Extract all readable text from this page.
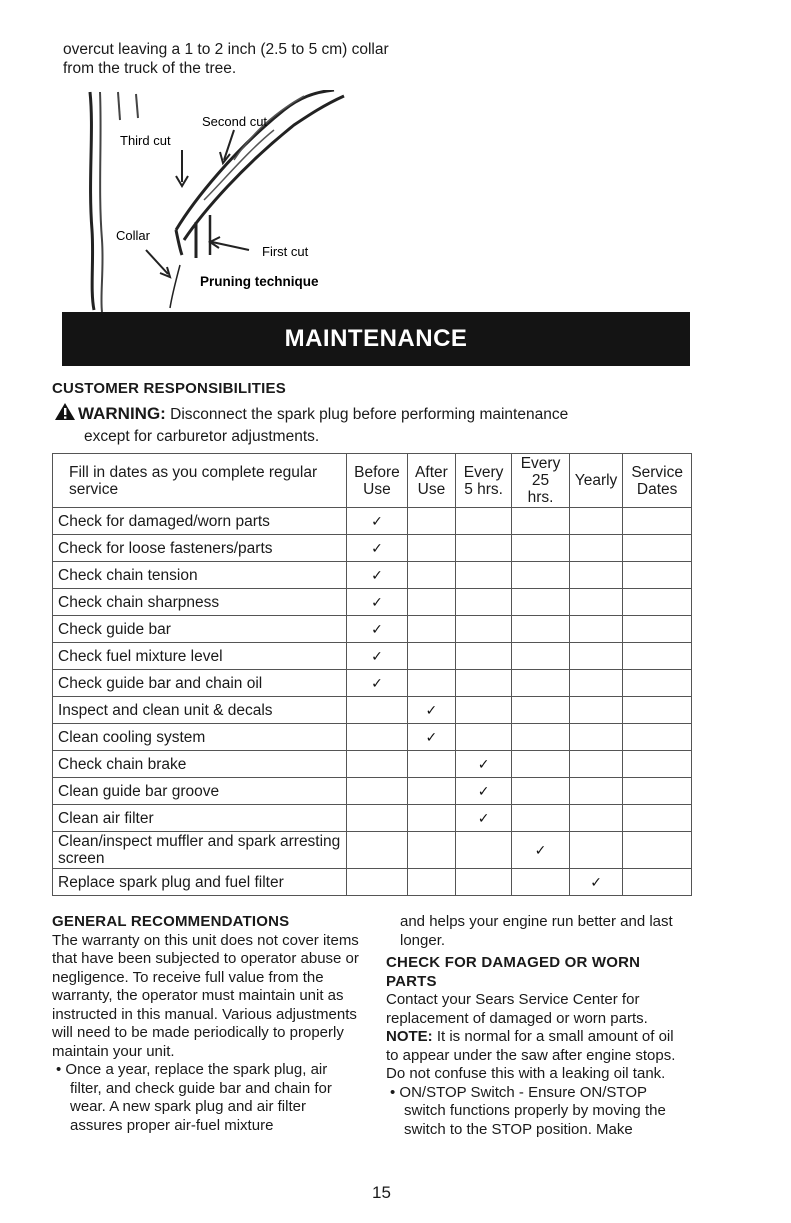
overcut leaving a 1 to 2 inch (2.5 to 5 cm) collar from the truck of the tree.
Second cut
Third cut
Collar
First cut
Pruning technique
MAINTENANCE
CUSTOMER RESPONSIBILITIES
WARNING: Disconnect the spark plug before performing maintenance
except for carburetor adjustments.
Fill in dates as you complete regular service	Before Use	After Use	Every 5 hrs.	Every 25 hrs.	Yearly	Service Dates
Check for damaged/worn parts	✓					
Check for loose fasteners/parts	✓					
Check chain tension	✓					
Check chain sharpness	✓					
Check guide bar	✓					
Check fuel mixture level	✓					
Check guide bar and chain oil	✓					
Inspect and clean unit & decals		✓				
Clean cooling system		✓				
Check chain brake			✓			
Clean guide bar groove			✓			
Clean air filter			✓			
Clean/inspect muffler and spark arresting screen				✓		
Replace spark plug and fuel filter					✓	
GENERAL RECOMMENDATIONS
The warranty on this unit does not cover items that have been subjected to operator abuse or negligence. To receive full value from the warranty, the operator must maintain unit as instructed in this manual. Various adjustments will need to be made periodically to properly maintain your unit.
• Once a year, replace the spark plug, air filter, and check guide bar and chain for wear. A new spark plug and air filter assures proper air-fuel mixture
and helps your engine run better and last longer.
CHECK FOR DAMAGED OR WORN PARTS
Contact your Sears Service Center for replacement of damaged or worn parts.
NOTE: It is normal for a small amount of oil to appear under the saw after engine stops. Do not confuse this with a leaking oil tank.
• ON/STOP Switch - Ensure ON/STOP switch functions properly by moving the switch to the STOP position. Make
15
